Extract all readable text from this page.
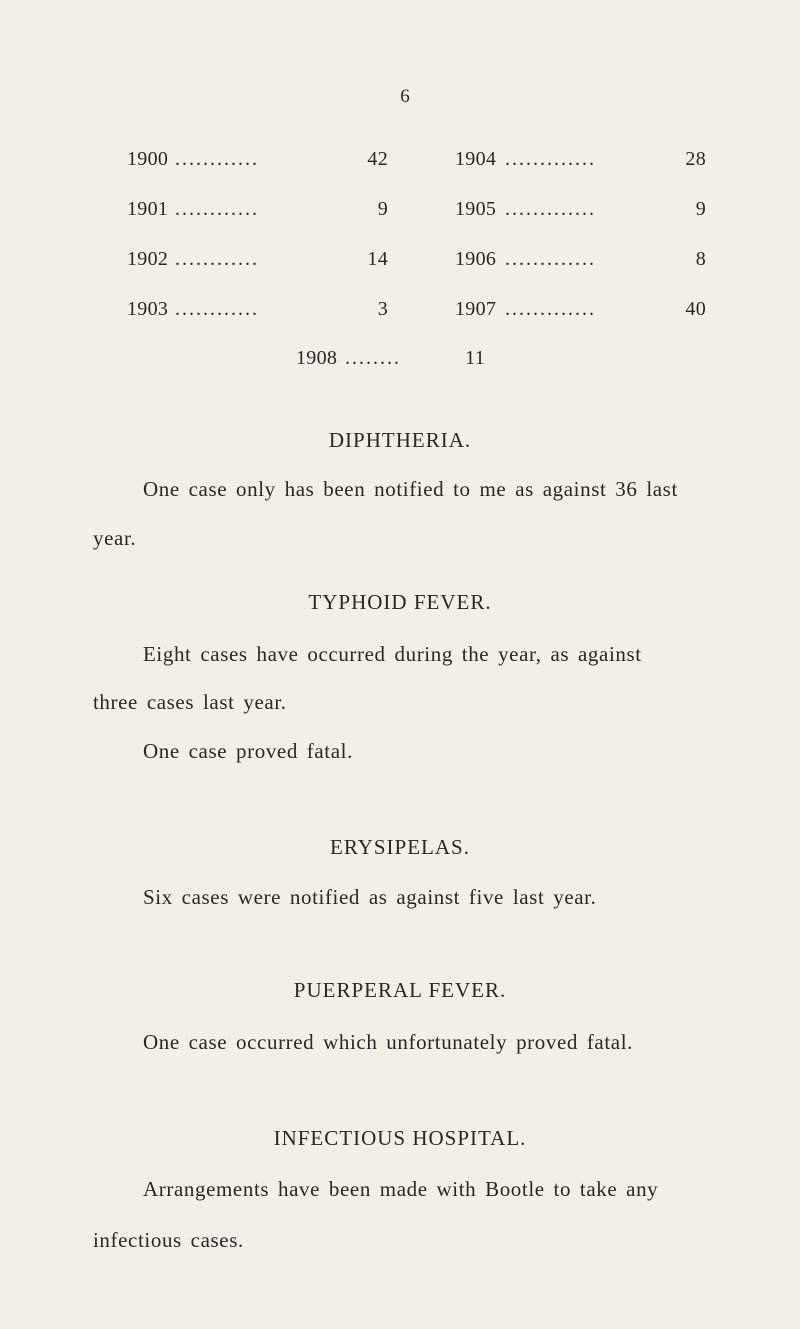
6
1900 ............	42	1904 .............	28
1901 ............	9	1905 .............	9
1902 ............	14	1906 .............	8
1903 ............	3	1907 .............	40
1908 ........	11
DIPHTHERIA.
One case only has been notified to me as against 36 last
year.
TYPHOID FEVER.
Eight cases have occurred during the year, as against
three cases last year.
One case proved fatal.
ERYSIPELAS.
Six cases were notified as against five last year.
PUERPERAL FEVER.
One case occurred which unfortunately proved fatal.
INFECTIOUS HOSPITAL.
Arrangements have been made with Bootle to take any
infectious cases.
